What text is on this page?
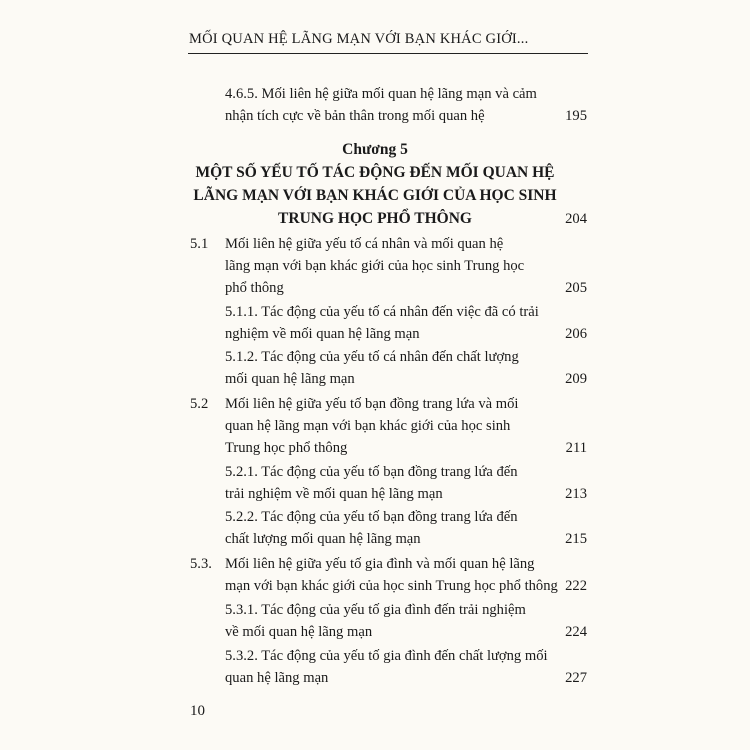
MỐI QUAN HỆ LÃNG MẠN VỚI BẠN KHÁC GIỚI...
4.6.5. Mối liên hệ giữa mối quan hệ lãng mạn và cảm
nhận tích cực về bản thân trong mối quan hệ	195
Chương 5
MỘT SỐ YẾU TỐ TÁC ĐỘNG ĐẾN MỐI QUAN HỆ
LÃNG MẠN VỚI BẠN KHÁC GIỚI CỦA HỌC SINH
TRUNG HỌC PHỔ THÔNG	204
5.1 Mối liên hệ giữa yếu tố cá nhân và mối quan hệ
lãng mạn với bạn khác giới của học sinh Trung học
phổ thông	205
5.1.1. Tác động của yếu tố cá nhân đến việc đã có trải
nghiệm về mối quan hệ lãng mạn	206
5.1.2. Tác động của yếu tố cá nhân đến chất lượng
mối quan hệ lãng mạn	209
5.2 Mối liên hệ giữa yếu tố bạn đồng trang lứa và mối
quan hệ lãng mạn với bạn khác giới của học sinh
Trung học phổ thông	211
5.2.1. Tác động của yếu tố bạn đồng trang lứa đến
trải nghiệm về mối quan hệ lãng mạn	213
5.2.2. Tác động của yếu tố bạn đồng trang lứa đến
chất lượng mối quan hệ lãng mạn	215
5.3. Mối liên hệ giữa yếu tố gia đình và mối quan hệ lãng
mạn với bạn khác giới của học sinh Trung học phổ thông 222
5.3.1. Tác động của yếu tố gia đình đến trải nghiệm
về mối quan hệ lãng mạn	224
5.3.2. Tác động của yếu tố gia đình đến chất lượng mối
quan hệ lãng mạn	227
10
